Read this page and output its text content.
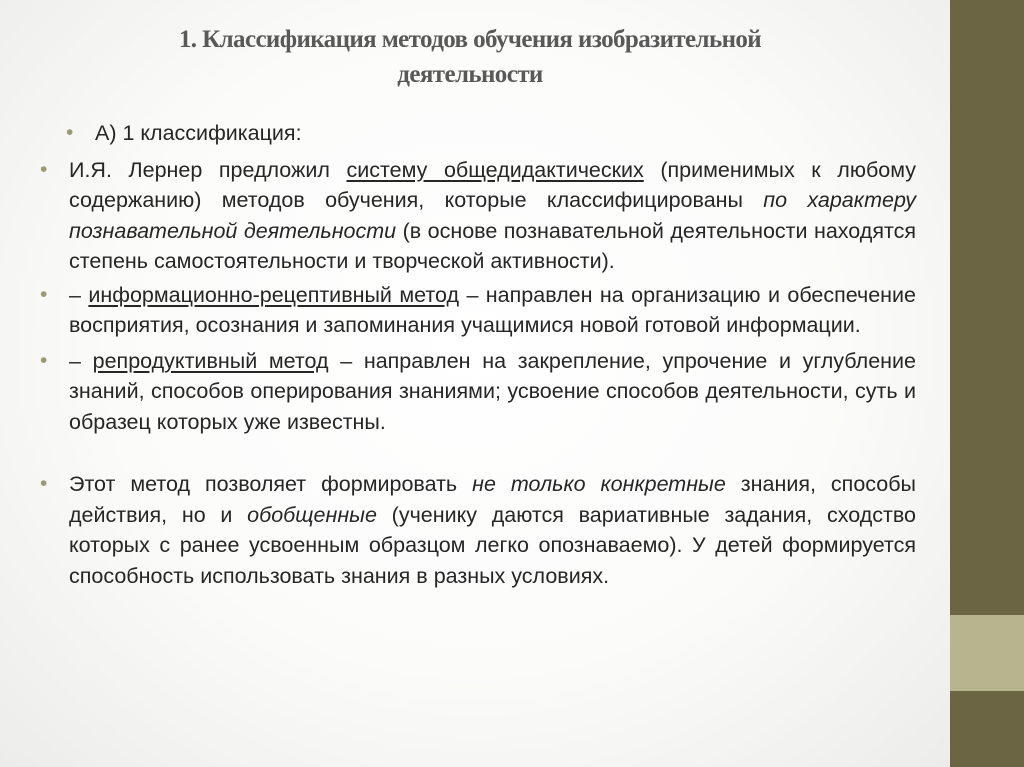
1. Классификация методов обучения изобразительной
деятельности
• А) 1 классификация:
• И.Я. Лернер предложил систему общедидактических (применимых к любому содержанию) методов обучения, которые классифицированы по характеру познавательной деятельности (в основе познавательной деятельности находятся степень самостоятельности и творческой активности).
• – информационно-рецептивный метод – направлен на организацию и обеспечение восприятия, осознания и запоминания учащимися новой готовой информации.
• – репродуктивный метод – направлен на закрепление, упрочение и углубление знаний, способов оперирования знаниями; усвоение способов деятельности, суть и образец которых уже известны.
• Этот метод позволяет формировать не только конкретные знания, способы действия, но и обобщенные (ученику даются вариативные задания, сходство которых с ранее усвоенным образцом легко опознаваемо). У детей формируется способность использовать знания в разных условиях.
